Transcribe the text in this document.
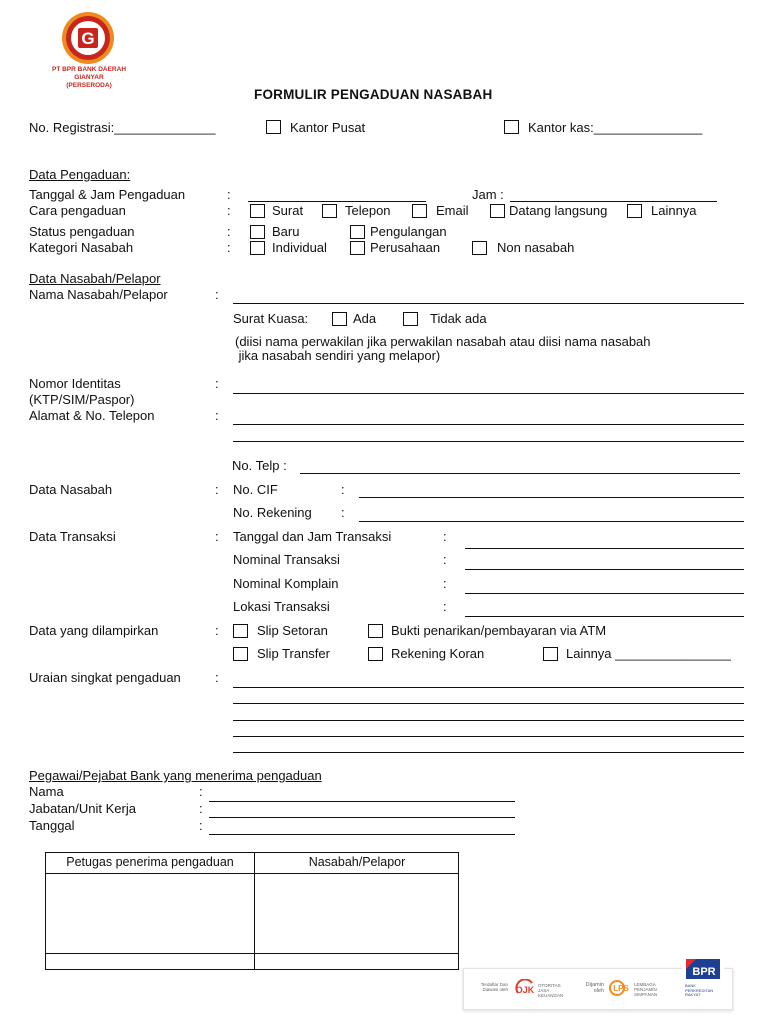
G
PT BPR BANK DAERAH GIANYAR
(PERSERODA)
FORMULIR PENGADUAN NASABAH
No. Registrasi:______________	Kantor Pusat	Kantor kas:_______________
Data Pengaduan:
Tanggal & Jam Pengaduan	:	Jam :
Cara pengaduan	:	Surat	Telepon	Email	Datang langsung	Lainnya
Status pengaduan	:	Baru	Pengulangan
Kategori Nasabah	:	Individual	Perusahaan	Non nasabah
Data Nasabah/Pelapor
Nama Nasabah/Pelapor	:
Surat Kuasa:	Ada	Tidak ada
(diisi nama perwakilan jika perwakilan nasabah atau diisi nama nasabah
jika nasabah sendiri yang melapor)
Nomor Identitas
(KTP/SIM/Paspor)
:
Alamat & No. Telepon	:
No. Telp :
Data Nasabah	: No. CIF	:
No. Rekening :
Data Transaksi	: Tanggal dan Jam Transaksi	:
Nominal Transaksi	:
Nominal Komplain	:
Lokasi Transaksi	:
Data yang dilampirkan	:	Slip Setoran	Bukti penarikan/pembayaran via ATM
Slip Transfer	Rekening Koran	Lainnya ________________
Uraian singkat pengaduan	:
Pegawai/Pejabat Bank yang menerima pengaduan
Nama	:
Jabatan/Unit Kerja	:
Tanggal	:
Petugas penerima pengaduan	Nasabah/Pelapor
Terdaftar Dan Diawasi oleh OJK OTORITAS JASA KEUANGAN
Dijamin oleh LPS LEMBAGA PENJAMIN SIMPANAN
BPR
BANK PERKREDITAN RAKYAT
